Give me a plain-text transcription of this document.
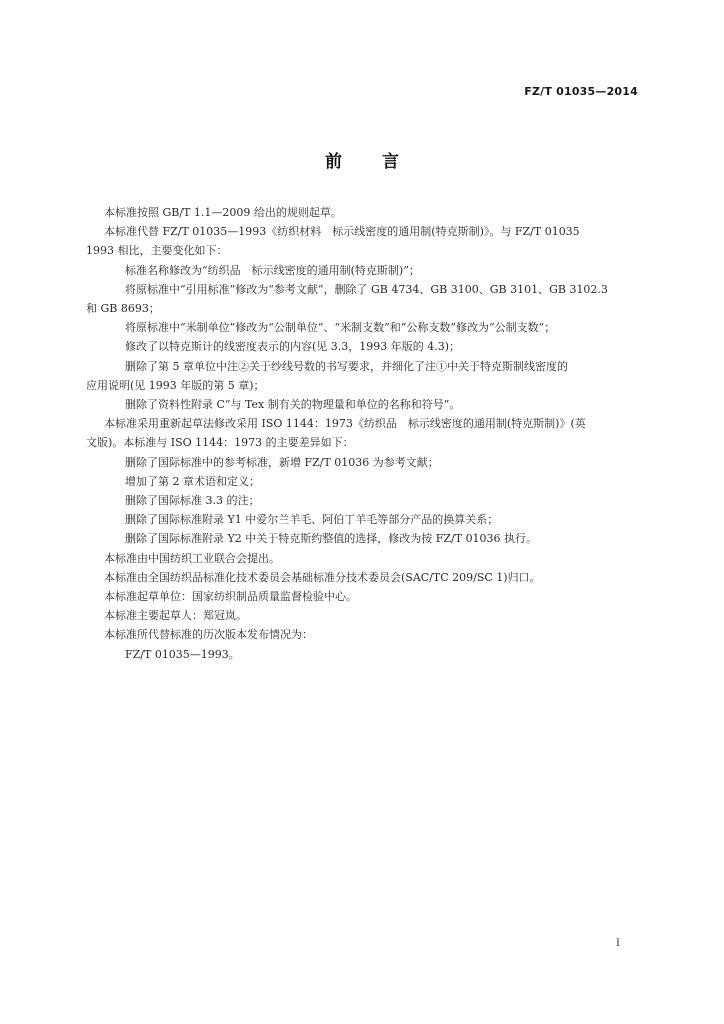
FZ/T 01035—2014
前 言

本标准按照 GB/T 1.1—2009 给出的规则起草。

本标准代替 FZ/T 01035—1993《纺织材料　标示线密度的通用制(特克斯制)》。与 FZ/T 01035

1993 相比，主要变化如下：

标准名称修改为“纺织品　标示线密度的通用制(特克斯制)”；

将原标准中“引用标准”修改为“参考文献”，删除了 GB 4734、GB 3100、GB 3101、GB 3102.3

和 GB 8693；

将原标准中“米制单位”修改为“公制单位”、“米制支数”和“公称支数”修改为“公制支数”；

修改了以特克斯计的线密度表示的内容(见 3.3，1993 年版的 4.3)；

删除了第 5 章单位中注②关于纱线号数的书写要求，并细化了注①中关于特克斯制线密度的

应用说明(见 1993 年版的第 5 章)；

删除了资料性附录 C“与 Tex 制有关的物理量和单位的名称和符号”。

本标准采用重新起草法修改采用 ISO 1144：1973《纺织品　标示线密度的通用制(特克斯制)》(英

文版)。本标准与 ISO 1144：1973 的主要差异如下：

删除了国际标准中的参考标准，新增 FZ/T 01036 为参考文献；

增加了第 2 章术语和定义；

删除了国际标准 3.3 的注；

删除了国际标准附录 Y1 中爱尔兰羊毛、阿伯丁羊毛等部分产品的换算关系；

删除了国际标准附录 Y2 中关于特克斯约整值的选择，修改为按 FZ/T 01036 执行。

本标准由中国纺织工业联合会提出。

本标准由全国纺织品标准化技术委员会基础标准分技术委员会(SAC/TC 209/SC 1)归口。

本标准起草单位：国家纺织制品质量监督检验中心。

本标准主要起草人：郑冠岚。

本标准所代替标准的历次版本发布情况为：

FZ/T 01035—1993。

I
